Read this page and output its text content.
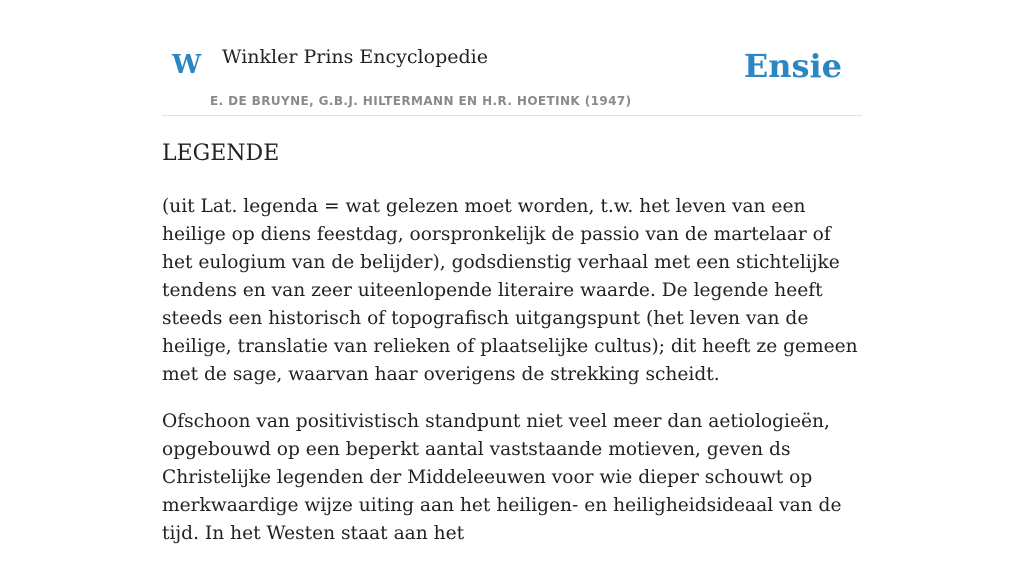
W Winkler Prins Encyclopedie
E. DE BRUYNE, G.B.J. HILTERMANN EN H.R. HOETINK (1947)
Ensie
LEGENDE

(uit Lat. legenda = wat gelezen moet worden, t.w. het leven van een heilige op diens feestdag, oorspronkelijk de passio van de martelaar of het eulogium van de belijder), godsdienstig verhaal met een stichtelijke tendens en van zeer uiteenlopende literaire waarde. De legende heeft steeds een historisch of topografisch uitgangspunt (het leven van de heilige, translatie van relieken of plaatselijke cultus); dit heeft ze gemeen met de sage, waarvan haar overigens de strekking scheidt.

Ofschoon van positivistisch standpunt niet veel meer dan aetiologieën, opgebouwd op een beperkt aantal vaststaande motieven, geven ds Christelijke legenden der Middeleeuwen voor wie dieper schouwt op merkwaardige wijze uiting aan het heiligen- en heiligheidsideaal van de tijd. In het Westen staat aan het
